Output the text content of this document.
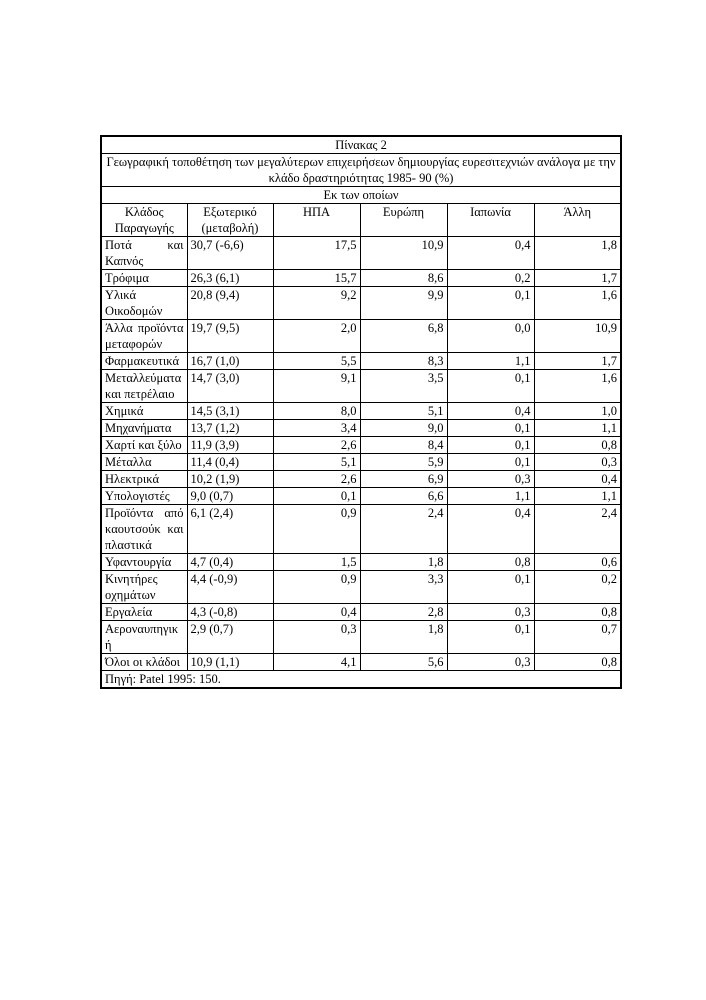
Πίνακας 2					
Γεωγραφική τοποθέτηση των μεγαλύτερων επιχειρήσεων δημιουργίας ευρεσιτεχνιών ανάλογα με την κλάδο δραστηριότητας 1985- 90 (%)					
Εκ των οποίων					
Κλάδος Παραγωγής	Εξωτερικό (μεταβολή)	ΗΠΑ	Ευρώπη	Ιαπωνία	Άλλη
Ποτά και Καπνός	30,7 (-6,6)	17,5	10,9	0,4	1,8
Τρόφιμα	26,3 (6,1)	15,7	8,6	0,2	1,7
Υλικά Οικοδομών	20,8 (9,4)	9,2	9,9	0,1	1,6
Άλλα προϊόντα μεταφορών	19,7 (9,5)	2,0	6,8	0,0	10,9
Φαρμακευτικά	16,7 (1,0)	5,5	8,3	1,1	1,7
Μεταλλεύματα και πετρέλαιο	14,7 (3,0)	9,1	3,5	0,1	1,6
Χημικά	14,5 (3,1)	8,0	5,1	0,4	1,0
Μηχανήματα	13,7 (1,2)	3,4	9,0	0,1	1,1
Χαρτί και ξύλο	11,9 (3,9)	2,6	8,4	0,1	0,8
Μέταλλα	11,4 (0,4)	5,1	5,9	0,1	0,3
Ηλεκτρικά	10,2 (1,9)	2,6	6,9	0,3	0,4
Υπολογιστές	9,0 (0,7)	0,1	6,6	1,1	1,1
Προϊόντα από καουτσούκ και πλαστικά	6,1 (2,4)	0,9	2,4	0,4	2,4
Υφαντουργία	4,7 (0,4)	1,5	1,8	0,8	0,6
Κινητήρες οχημάτων	4,4 (-0,9)	0,9	3,3	0,1	0,2
Εργαλεία	4,3 (-0,8)	0,4	2,8	0,3	0,8
Αεροναυπηγική	2,9 (0,7)	0,3	1,8	0,1	0,7
Όλοι οι κλάδοι	10,9 (1,1)	4,1	5,6	0,3	0,8
Πηγή: Patel 1995: 150.					
